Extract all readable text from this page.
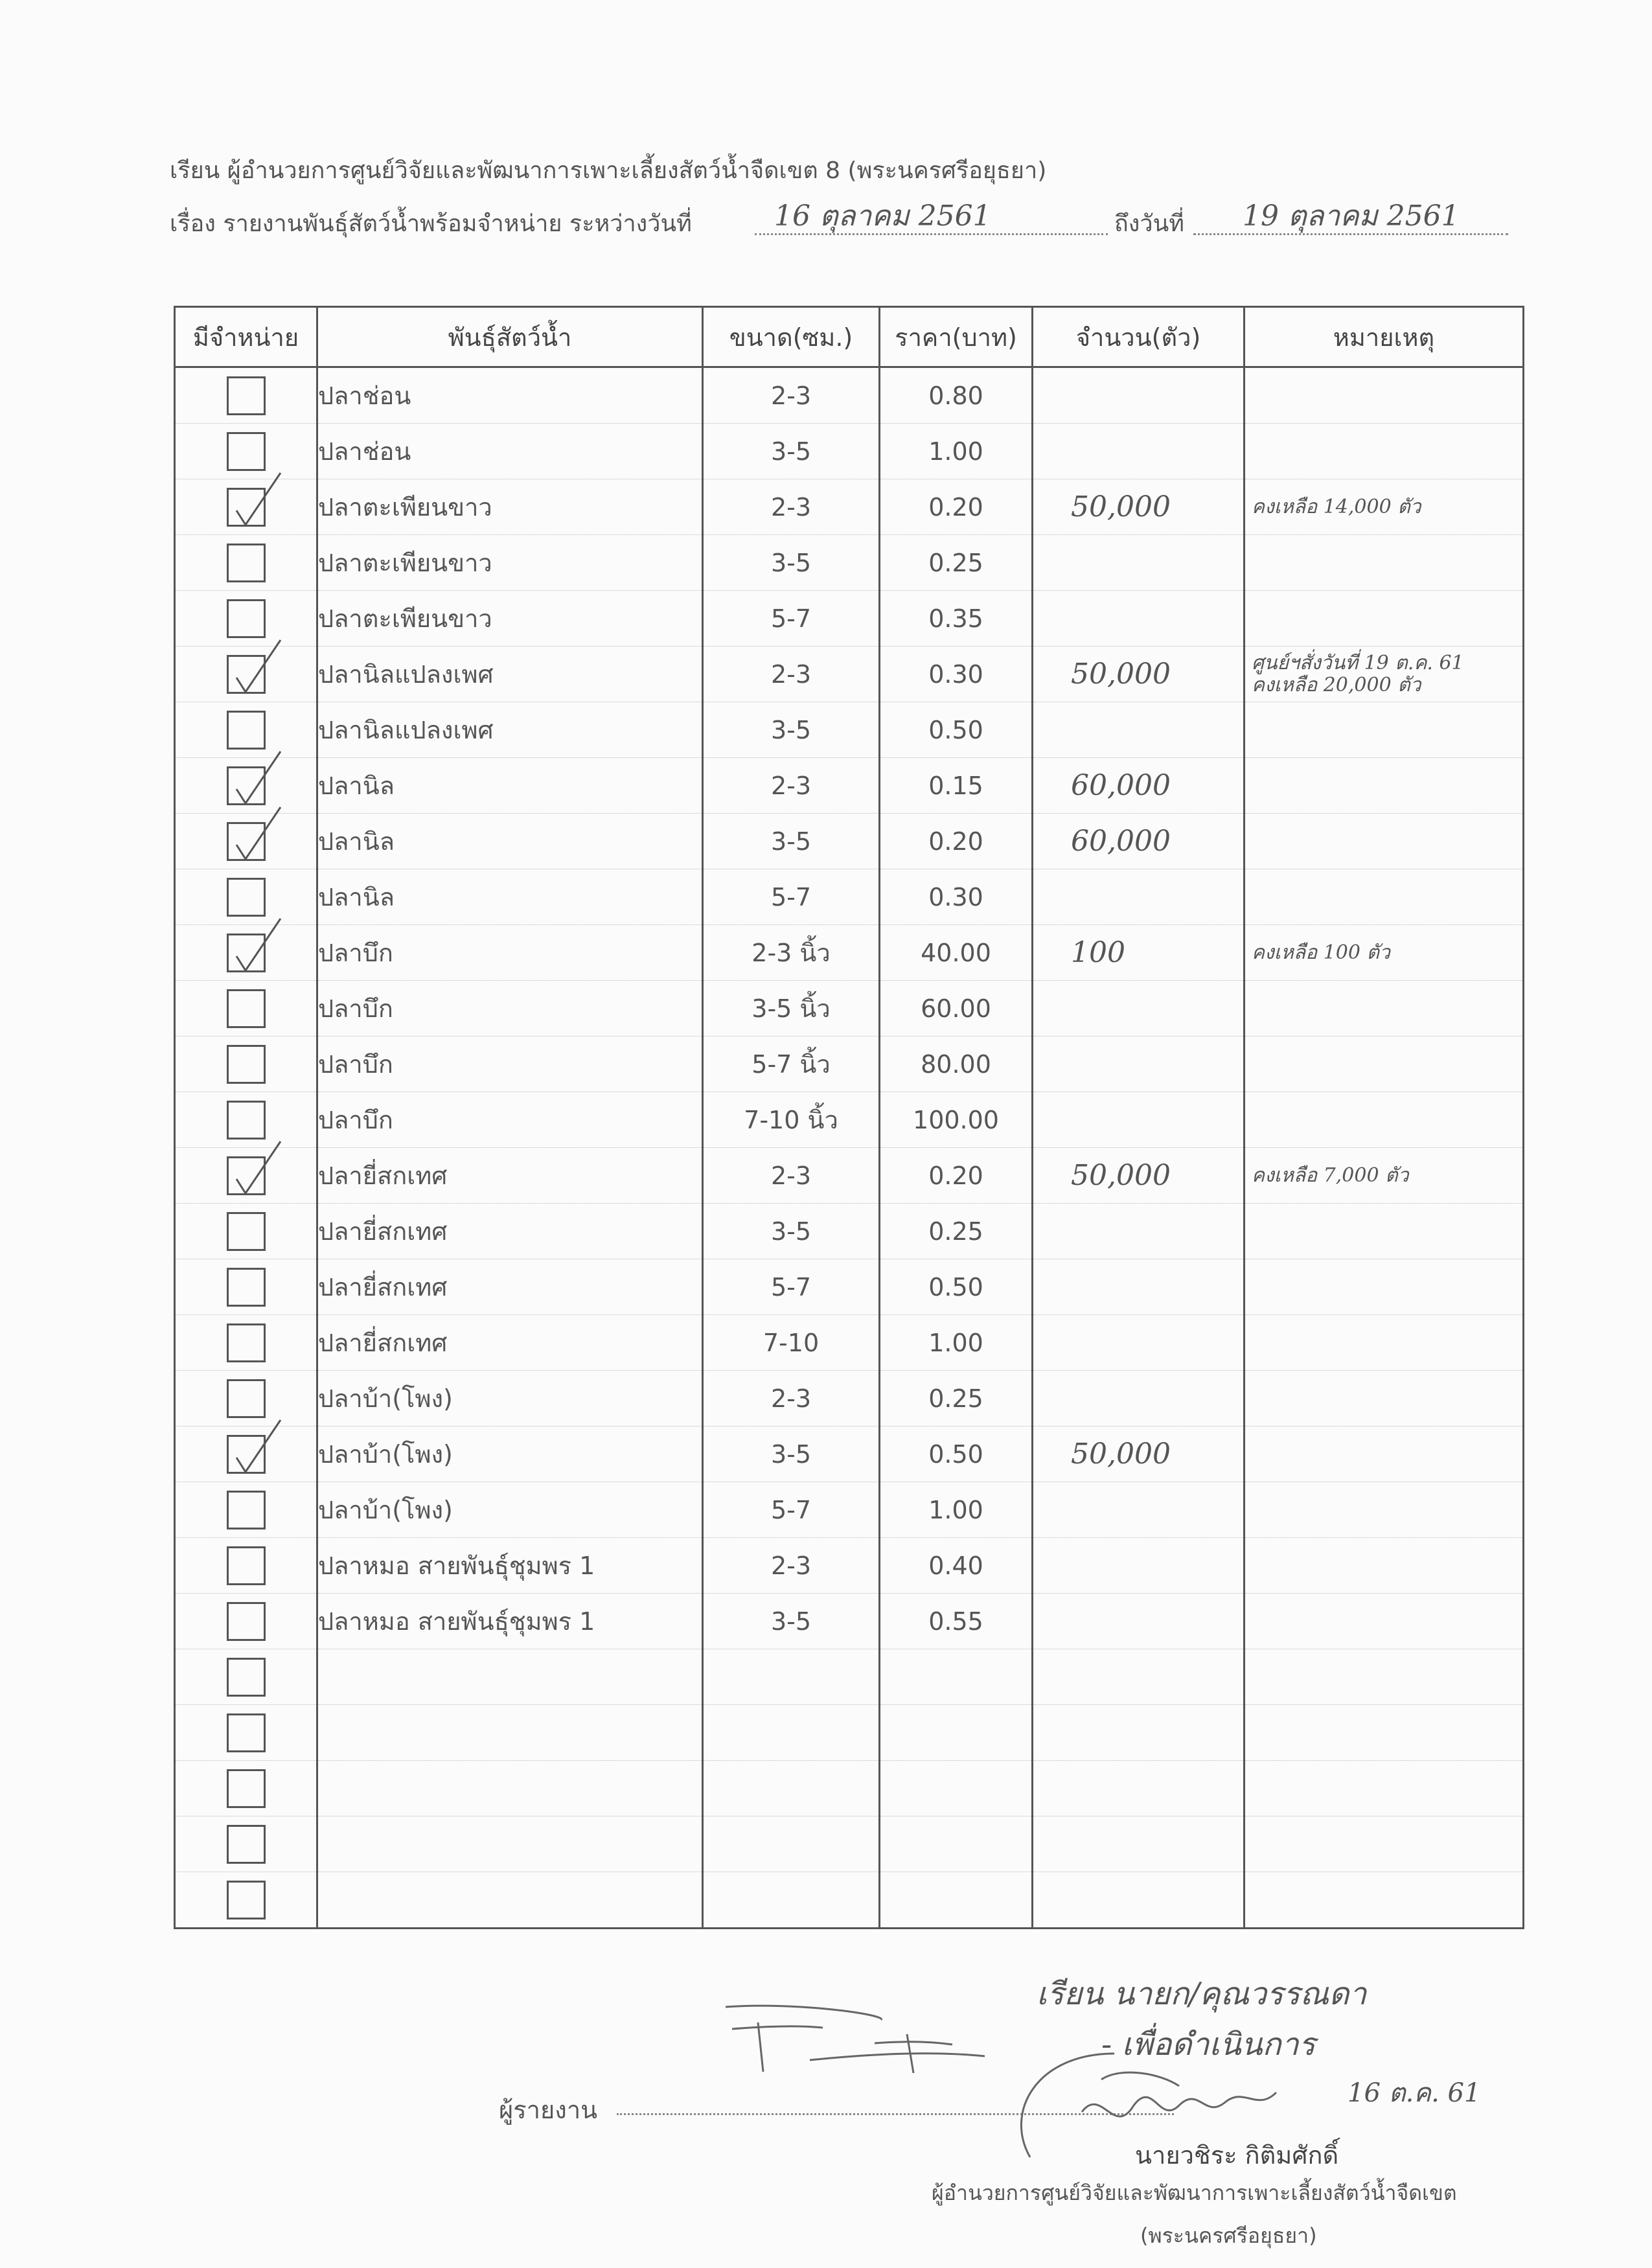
เรียน ผู้อำนวยการศูนย์วิจัยและพัฒนาการเพาะเลี้ยงสัตว์น้ำจืดเขต 8 (พระนครศรีอยุธยา)
เรื่อง รายงานพันธุ์สัตว์น้ำพร้อมจำหน่าย ระหว่างวันที่	16 ตุลาคม 2561	ถึงวันที่ 19 ตุลาคม 2561
มีจำหน่าย	พันธุ์สัตว์น้ำ	ขนาด(ซม.)	ราคา(บาท)	จำนวน(ตัว)	หมายเหตุ
	ปลาช่อน	2-3	0.80		

	ปลาช่อน	3-5	1.00		

	ปลาตะเพียนขาว	2-3	0.20	50,000	คงเหลือ 14,000 ตัว

	ปลาตะเพียนขาว	3-5	0.25		

	ปลาตะเพียนขาว	5-7	0.35		

	ปลานิลแปลงเพศ	2-3	0.30	50,000	ศูนย์ฯสั่งวันที่ 19 ต.ค. 61
คงเหลือ 20,000 ตัว

	ปลานิลแปลงเพศ	3-5	0.50		

	ปลานิล	2-3	0.15	60,000	

	ปลานิล	3-5	0.20	60,000	

	ปลานิล	5-7	0.30		

	ปลาบึก	2-3 นิ้ว	40.00	100	คงเหลือ 100 ตัว

	ปลาบึก	3-5 นิ้ว	60.00		

	ปลาบึก	5-7 นิ้ว	80.00		

	ปลาบึก	7-10 นิ้ว	100.00		

	ปลายี่สกเทศ	2-3	0.20	50,000	คงเหลือ 7,000 ตัว

	ปลายี่สกเทศ	3-5	0.25		

	ปลายี่สกเทศ	5-7	0.50		

	ปลายี่สกเทศ	7-10	1.00		

	ปลาบ้า(โพง)	2-3	0.25		

	ปลาบ้า(โพง)	3-5	0.50	50,000	

	ปลาบ้า(โพง)	5-7	1.00		

	ปลาหมอ สายพันธุ์ชุมพร 1	2-3	0.40		

	ปลาหมอ สายพันธุ์ชุมพร 1	3-5	0.55		

เรียน นายก/คุณวรรณดา
- เพื่อดำเนินการ
ผู้รายงาน
16 ต.ค. 61
นายวชิระ กิติมศักดิ์
ผู้อำนวยการศูนย์วิจัยและพัฒนาการเพาะเลี้ยงสัตว์น้ำจืดเขต
(พระนครศรีอยุธยา)
